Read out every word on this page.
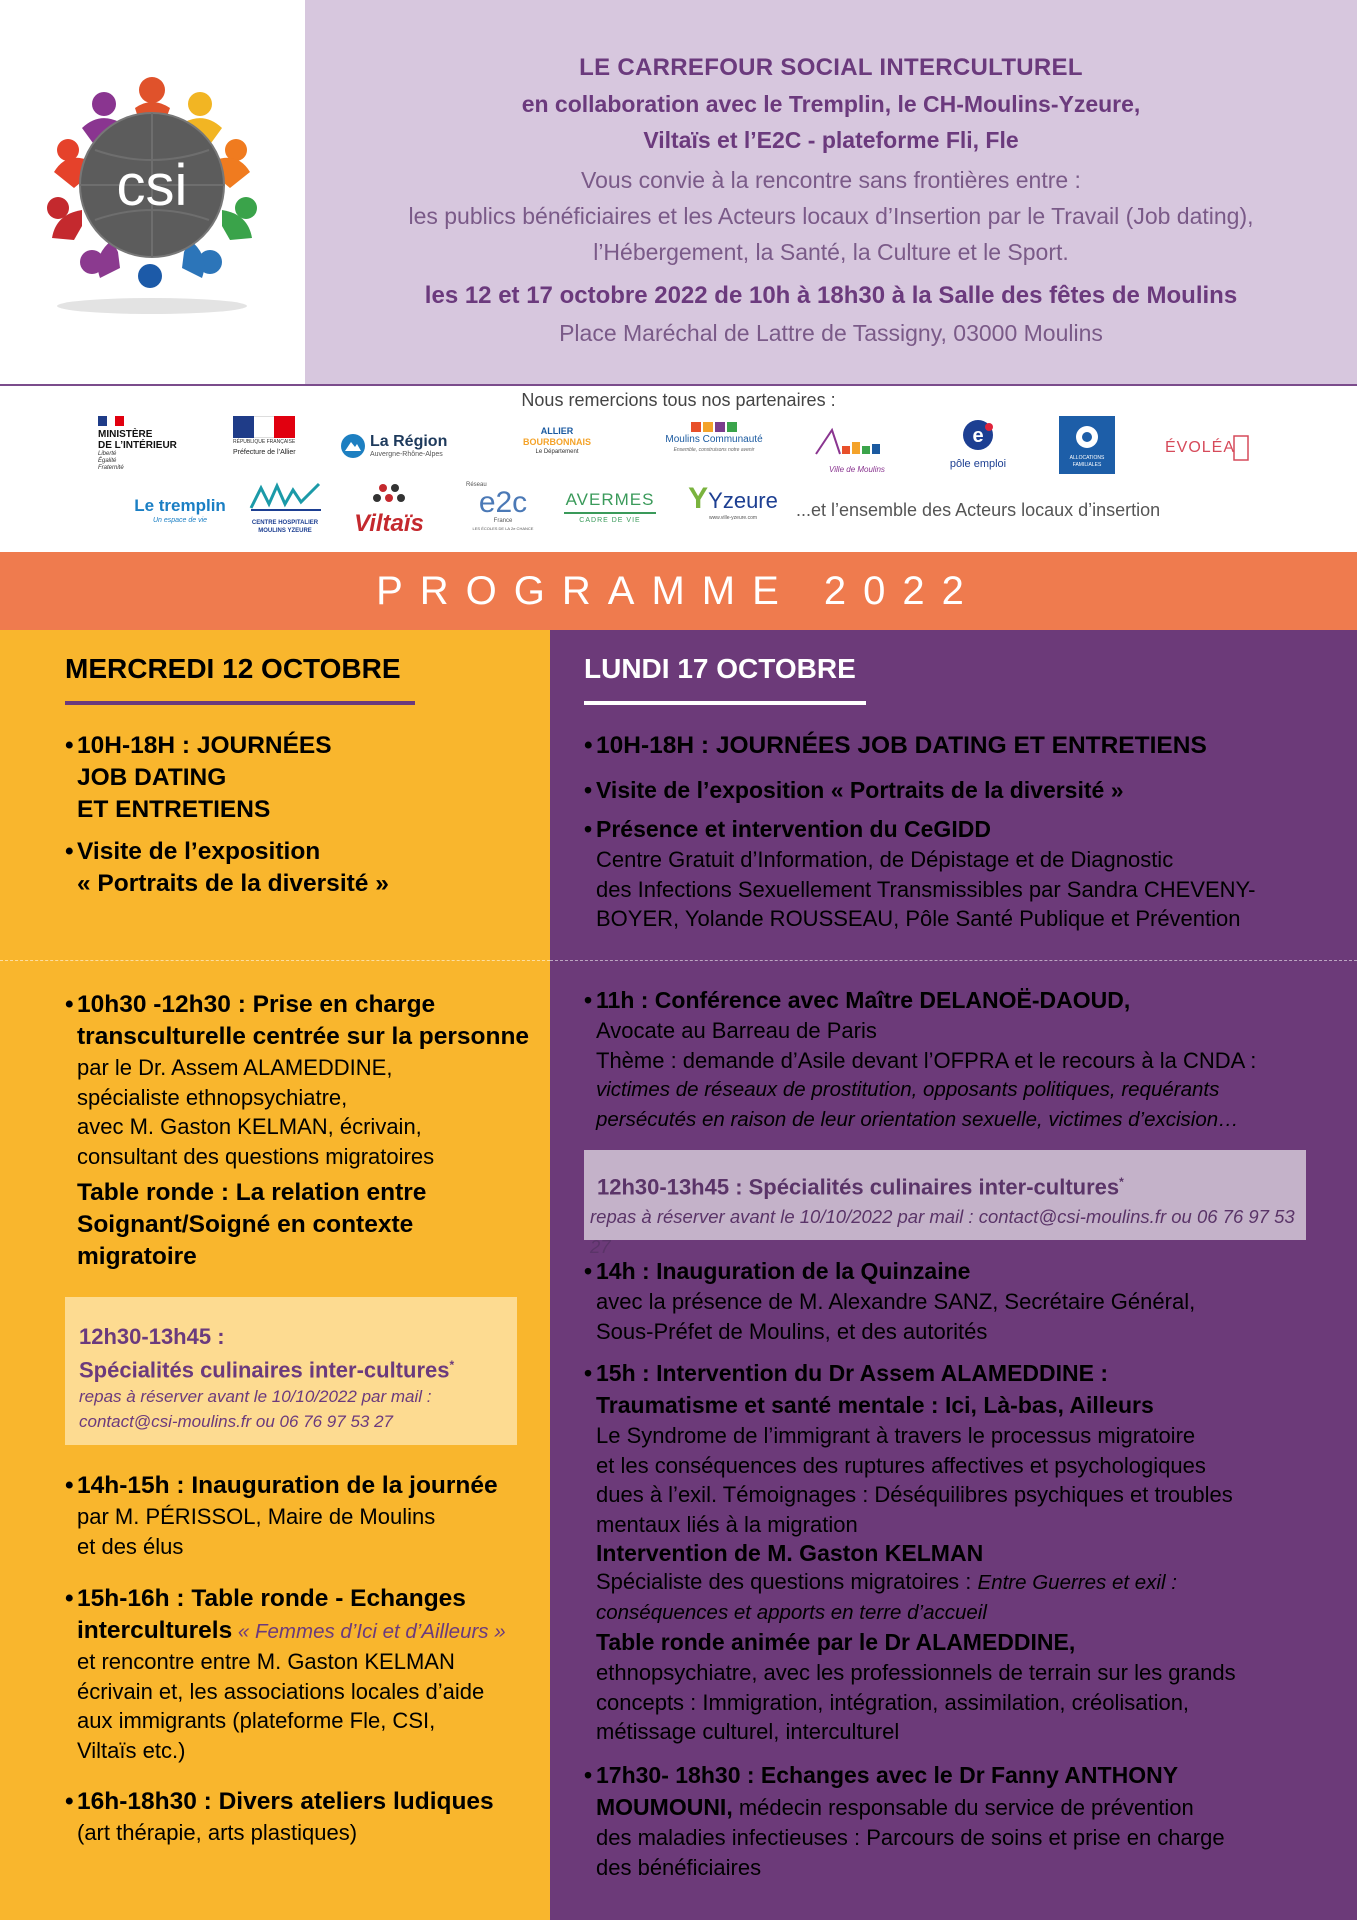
csi
LE CARREFOUR SOCIAL INTERCULTUREL
en collaboration avec le Tremplin, le CH-Moulins-Yzeure,
Viltaïs et l’E2C - plateforme Fli, Fle
Vous convie à la rencontre sans frontières entre :
les publics bénéficiaires et les Acteurs locaux d’Insertion par le Travail (Job dating),
l’Hébergement, la Santé, la Culture et le Sport.
les 12 et 17 octobre 2022 de 10h à 18h30 à la Salle des fêtes de Moulins
Place Maréchal de Lattre de Tassigny, 03000 Moulins
Nous remercions tous nos partenaires :
MINISTÈRE
DE L’INTÉRIEUR
Liberté
Égalité
Fraternité
RÉPUBLIQUE FRANÇAISE
Préfecture de l’Allier
La Région
Auvergne-Rhône-Alpes
ALLIER
BOURBONNAIS
Le Département
Moulins Communauté
Ensemble, construisons notre avenir
Ville de Moulins
e
pôle emploi	ALLOCATIONS FAMILIALES
ÉVOLÉA
Le tremplin
Un espace de vie	CENTRE HOSPITALIER
MOULINS YZEURE	Viltaïs
Réseau
e2c
France
LES ÉCOLES DE LA 2e CHANCE
AVERMES
CADRE DE VIE
Y Yzeure
www.ville-yzeure.com	...et l’ensemble des Acteurs locaux d’insertion
PROGRAMME 2022
MERCREDI 12 OCTOBRE
• 10H-18H : JOURNÉES
JOB DATING
ET ENTRETIENS
• Visite de l’exposition
« Portraits de la diversité »
• 10h30 -12h30 : Prise en charge
transculturelle centrée sur la personne
par le Dr. Assem ALAMEDDINE,
spécialiste ethnopsychiatre,
avec M. Gaston KELMAN, écrivain,
consultant des questions migratoires
Table ronde : La relation entre
Soignant/Soigné en contexte
migratoire
12h30-13h45 :
Spécialités culinaires inter-cultures*
repas à réserver avant le 10/10/2022 par mail :
contact@csi-moulins.fr ou 06 76 97 53 27
• 14h-15h : Inauguration de la journée
par M. PÉRISSOL, Maire de Moulins
et des élus
• 15h-16h : Table ronde - Echanges
interculturels « Femmes d’Ici et d’Ailleurs »
et rencontre entre M. Gaston KELMAN
écrivain et, les associations locales d’aide
aux immigrants (plateforme Fle, CSI,
Viltaïs etc.)
• 16h-18h30 : Divers ateliers ludiques
(art thérapie, arts plastiques)
LUNDI 17 OCTOBRE
• 10H-18H : JOURNÉES JOB DATING ET ENTRETIENS
• Visite de l’exposition « Portraits de la diversité »
• Présence et intervention du CeGIDD
Centre Gratuit d’Information, de Dépistage et de Diagnostic
des Infections Sexuellement Transmissibles par Sandra CHEVENY-
BOYER, Yolande ROUSSEAU, Pôle Santé Publique et Prévention
• 11h : Conférence avec Maître DELANOË-DAOUD,
Avocate au Barreau de Paris
Thème : demande d’Asile devant l’OFPRA et le recours à la CNDA :
victimes de réseaux de prostitution, opposants politiques, requérants
persécutés en raison de leur orientation sexuelle, victimes d’excision…
12h30-13h45 : Spécialités culinaires inter-cultures*
repas à réserver avant le 10/10/2022 par mail : contact@csi-moulins.fr ou 06 76 97 53 27
• 14h : Inauguration de la Quinzaine
avec la présence de M. Alexandre SANZ, Secrétaire Général,
Sous-Préfet de Moulins, et des autorités
• 15h : Intervention du Dr Assem ALAMEDDINE :
Traumatisme et santé mentale : Ici, Là-bas, Ailleurs
Le Syndrome de l’immigrant à travers le processus migratoire
et les conséquences des ruptures affectives et psychologiques
dues à l’exil. Témoignages : Déséquilibres psychiques et troubles
mentaux liés à la migration
Intervention de M. Gaston KELMAN
Spécialiste des questions migratoires : Entre Guerres et exil :
conséquences et apports en terre d’accueil
Table ronde animée par le Dr ALAMEDDINE,
ethnopsychiatre, avec les professionnels de terrain sur les grands
concepts : Immigration, intégration, assimilation, créolisation,
métissage culturel, interculturel
• 17h30- 18h30 : Echanges avec le Dr Fanny ANTHONY
MOUMOUNI, médecin responsable du service de prévention
des maladies infectieuses : Parcours de soins et prise en charge
des bénéficiaires
